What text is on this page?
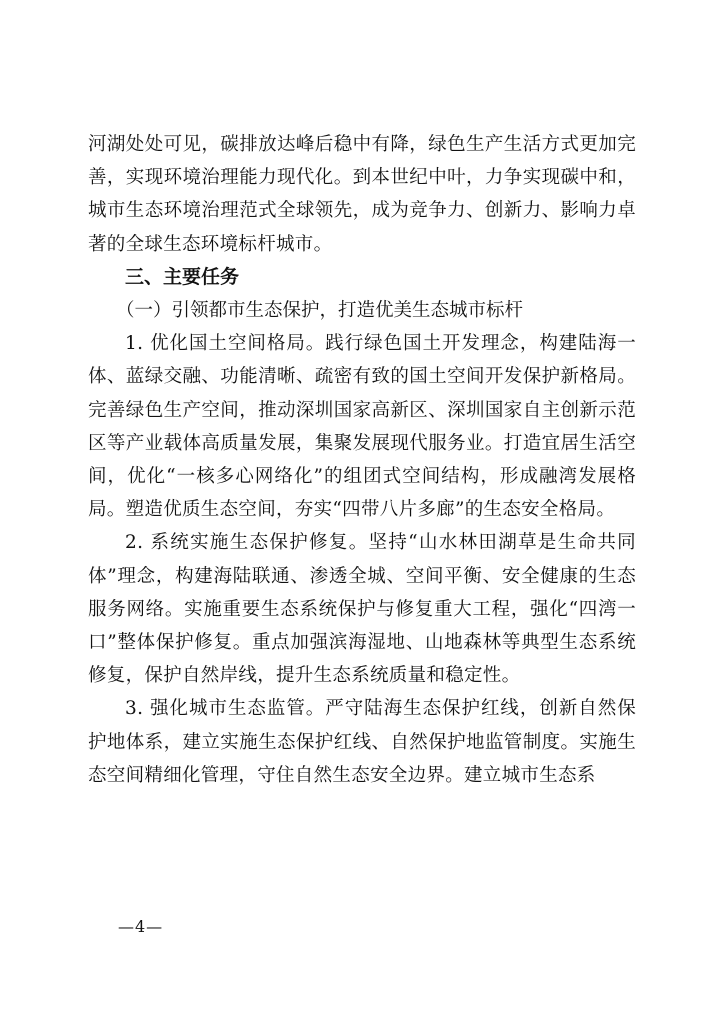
河湖处处可见，碳排放达峰后稳中有降，绿色生产生活方式更加完善，实现环境治理能力现代化。到本世纪中叶，力争实现碳中和，城市生态环境治理范式全球领先，成为竞争力、创新力、影响力卓著的全球生态环境标杆城市。

三、主要任务

（一）引领都市生态保护，打造优美生态城市标杆

1. 优化国土空间格局。践行绿色国土开发理念，构建陆海一体、蓝绿交融、功能清晰、疏密有致的国土空间开发保护新格局。完善绿色生产空间，推动深圳国家高新区、深圳国家自主创新示范区等产业载体高质量发展，集聚发展现代服务业。打造宜居生活空间，优化“一核多心网络化”的组团式空间结构，形成融湾发展格局。塑造优质生态空间，夯实“四带八片多廊”的生态安全格局。

2. 系统实施生态保护修复。坚持“山水林田湖草是生命共同体”理念，构建海陆联通、渗透全城、空间平衡、安全健康的生态服务网络。实施重要生态系统保护与修复重大工程，强化“四湾一口”整体保护修复。重点加强滨海湿地、山地森林等典型生态系统修复，保护自然岸线，提升生态系统质量和稳定性。

3. 强化城市生态监管。严守陆海生态保护红线，创新自然保护地体系，建立实施生态保护红线、自然保护地监管制度。实施生态空间精细化管理，守住自然生态安全边界。建立城市生态系

—4—
